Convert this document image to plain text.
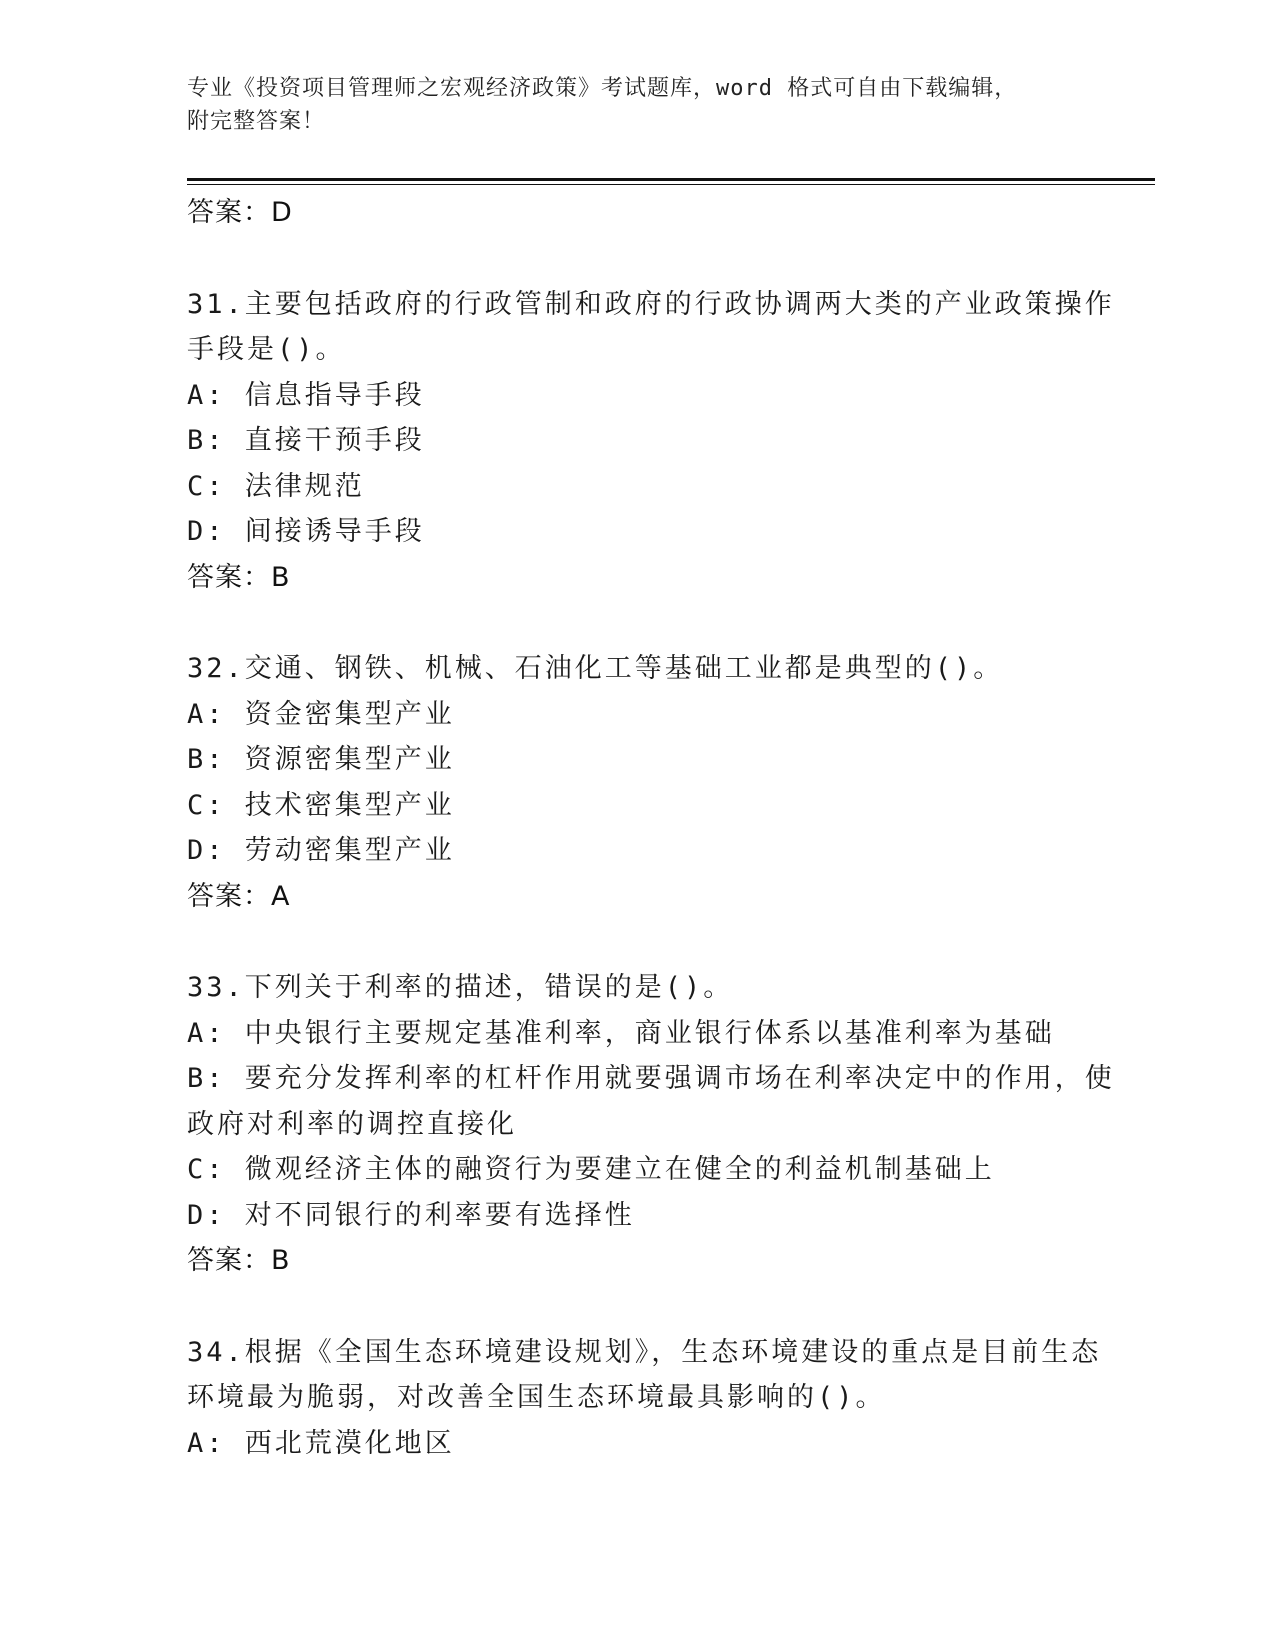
专业《投资项目管理师之宏观经济政策》考试题库，word 格式可自由下载编辑，
附完整答案！
答案：D
31.主要包括政府的行政管制和政府的行政协调两大类的产业政策操作
手段是()。
A: 信息指导手段
B: 直接干预手段
C: 法律规范
D: 间接诱导手段
答案：B
32.交通、钢铁、机械、石油化工等基础工业都是典型的()。
A: 资金密集型产业
B: 资源密集型产业
C: 技术密集型产业
D: 劳动密集型产业
答案：A
33.下列关于利率的描述，错误的是()。
A: 中央银行主要规定基准利率，商业银行体系以基准利率为基础
B: 要充分发挥利率的杠杆作用就要强调市场在利率决定中的作用，使
政府对利率的调控直接化
C: 微观经济主体的融资行为要建立在健全的利益机制基础上
D: 对不同银行的利率要有选择性
答案：B
34.根据《全国生态环境建设规划》，生态环境建设的重点是目前生态
环境最为脆弱，对改善全国生态环境最具影响的()。
A: 西北荒漠化地区
